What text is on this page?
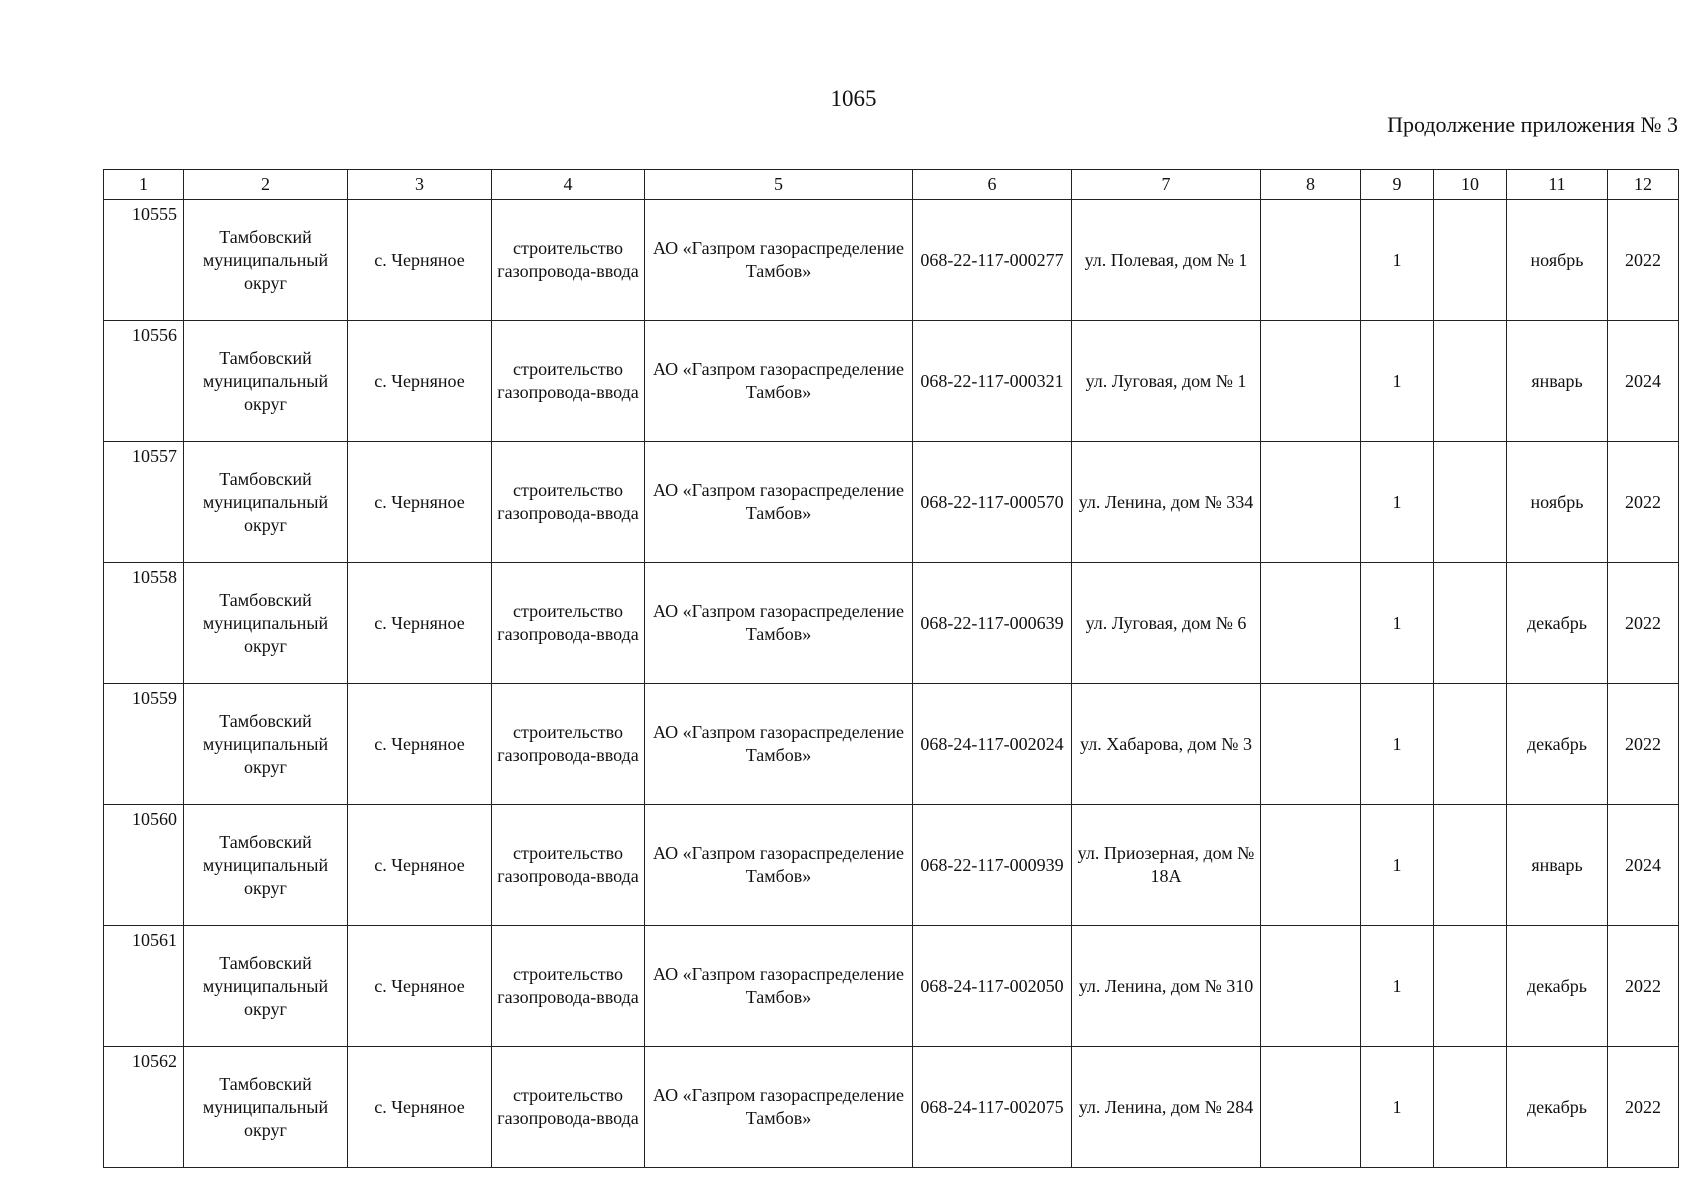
1065
Продолжение приложения № 3
1	2	3	4	5	6	7	8	9	10	11	12
10555	Тамбовский муниципальный округ	с. Черняное	строительство газопровода-ввода	АО «Газпром газораспределение Тамбов»	068-22-117-000277	ул. Полевая, дом № 1		1		ноябрь	2022
10556	Тамбовский муниципальный округ	с. Черняное	строительство газопровода-ввода	АО «Газпром газораспределение Тамбов»	068-22-117-000321	ул. Луговая, дом № 1		1		январь	2024
10557	Тамбовский муниципальный округ	с. Черняное	строительство газопровода-ввода	АО «Газпром газораспределение Тамбов»	068-22-117-000570	ул. Ленина, дом № 334		1		ноябрь	2022
10558	Тамбовский муниципальный округ	с. Черняное	строительство газопровода-ввода	АО «Газпром газораспределение Тамбов»	068-22-117-000639	ул. Луговая, дом № 6		1		декабрь	2022
10559	Тамбовский муниципальный округ	с. Черняное	строительство газопровода-ввода	АО «Газпром газораспределение Тамбов»	068-24-117-002024	ул. Хабарова, дом № 3		1		декабрь	2022
10560	Тамбовский муниципальный округ	с. Черняное	строительство газопровода-ввода	АО «Газпром газораспределение Тамбов»	068-22-117-000939	ул. Приозерная, дом № 18А		1		январь	2024
10561	Тамбовский муниципальный округ	с. Черняное	строительство газопровода-ввода	АО «Газпром газораспределение Тамбов»	068-24-117-002050	ул. Ленина, дом № 310		1		декабрь	2022
10562	Тамбовский муниципальный округ	с. Черняное	строительство газопровода-ввода	АО «Газпром газораспределение Тамбов»	068-24-117-002075	ул. Ленина, дом № 284		1		декабрь	2022
